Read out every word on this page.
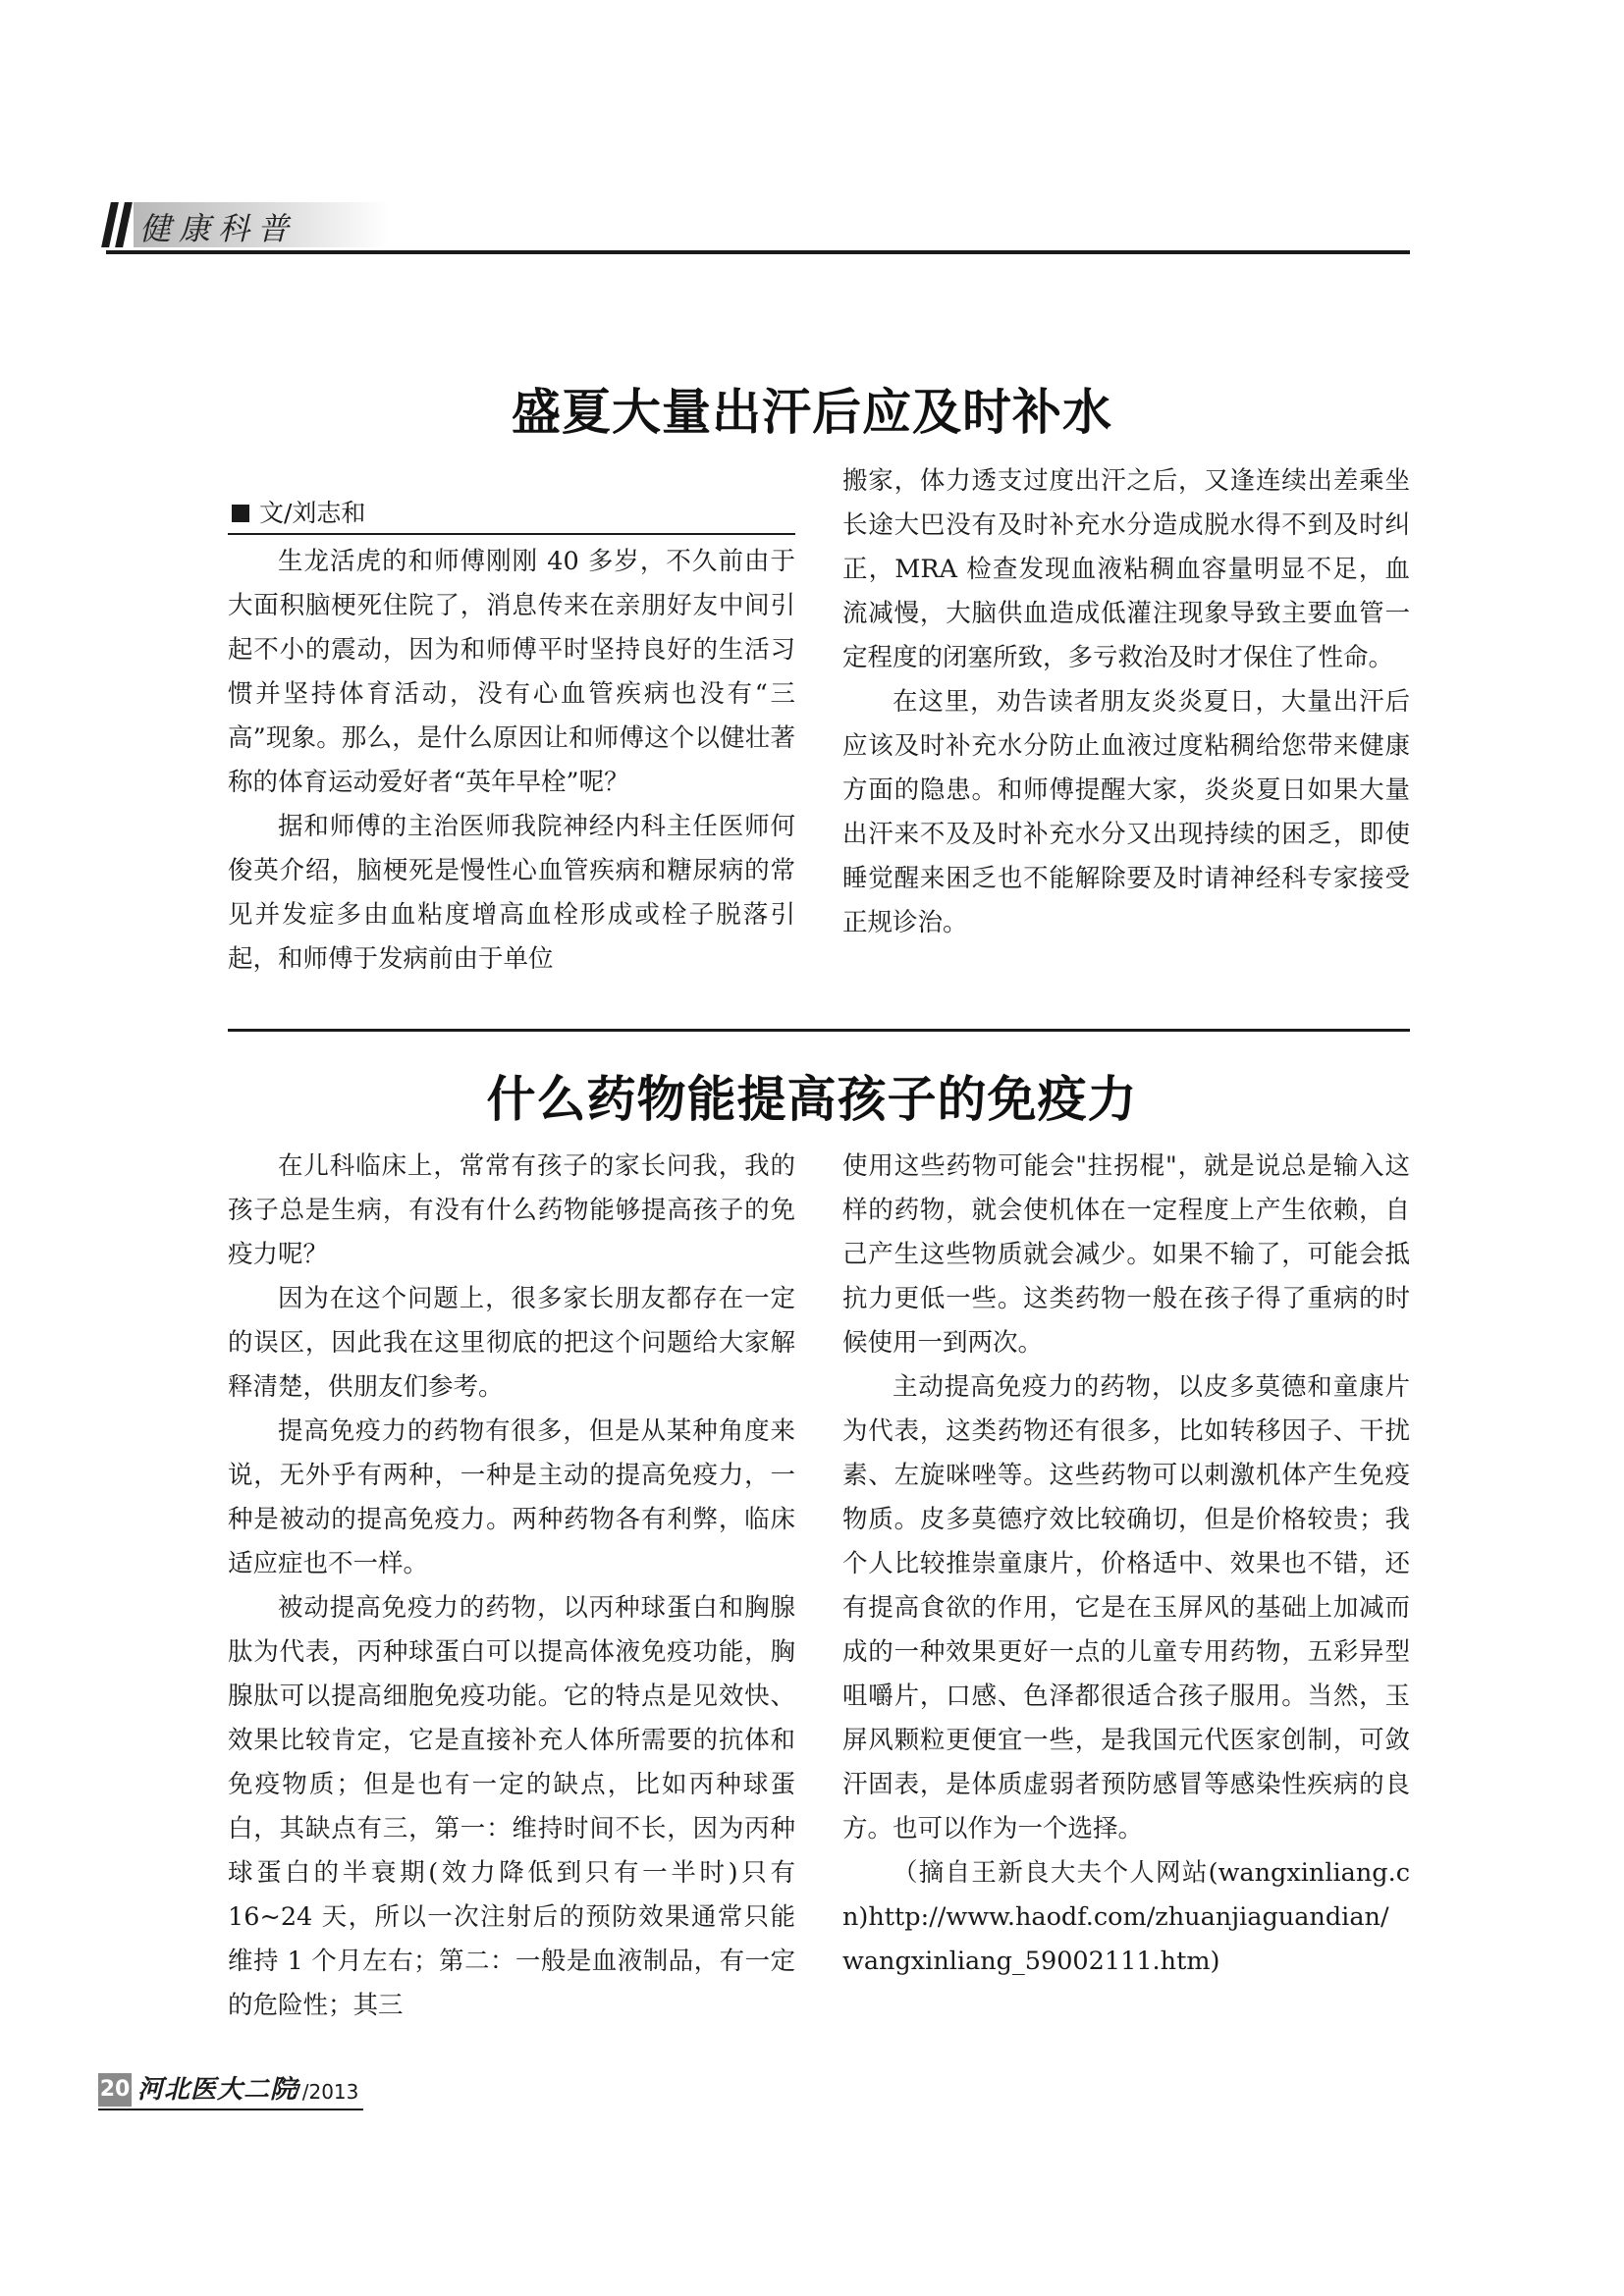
健康科普
盛夏大量出汗后应及时补水
文/刘志和

生龙活虎的和师傅刚刚 40 多岁，不久前由于大面积脑梗死住院了，消息传来在亲朋好友中间引起不小的震动，因为和师傅平时坚持良好的生活习惯并坚持体育活动，没有心血管疾病也没有“三高”现象。那么，是什么原因让和师傅这个以健壮著称的体育运动爱好者“英年早栓”呢？

据和师傅的主治医师我院神经内科主任医师何俊英介绍，脑梗死是慢性心血管疾病和糖尿病的常见并发症多由血粘度增高血栓形成或栓子脱落引起，和师傅于发病前由于单位

搬家，体力透支过度出汗之后，又逢连续出差乘坐长途大巴没有及时补充水分造成脱水得不到及时纠正，MRA 检查发现血液粘稠血容量明显不足，血流减慢，大脑供血造成低灌注现象导致主要血管一定程度的闭塞所致，多亏救治及时才保住了性命。

在这里，劝告读者朋友炎炎夏日，大量出汗后应该及时补充水分防止血液过度粘稠给您带来健康方面的隐患。和师傅提醒大家，炎炎夏日如果大量出汗来不及及时补充水分又出现持续的困乏，即使睡觉醒来困乏也不能解除要及时请神经科专家接受正规诊治。

什么药物能提高孩子的免疫力

在儿科临床上，常常有孩子的家长问我，我的孩子总是生病，有没有什么药物能够提高孩子的免疫力呢？

因为在这个问题上，很多家长朋友都存在一定的误区，因此我在这里彻底的把这个问题给大家解释清楚，供朋友们参考。

提高免疫力的药物有很多，但是从某种角度来说，无外乎有两种，一种是主动的提高免疫力，一种是被动的提高免疫力。两种药物各有利弊，临床适应症也不一样。

被动提高免疫力的药物，以丙种球蛋白和胸腺肽为代表，丙种球蛋白可以提高体液免疫功能，胸腺肽可以提高细胞免疫功能。它的特点是见效快、效果比较肯定，它是直接补充人体所需要的抗体和免疫物质；但是也有一定的缺点，比如丙种球蛋白，其缺点有三，第一：维持时间不长，因为丙种球蛋白的半衰期(效力降低到只有一半时)只有 16~24 天，所以一次注射后的预防效果通常只能维持 1 个月左右；第二：一般是血液制品，有一定的危险性；其三

使用这些药物可能会"拄拐棍"，就是说总是输入这样的药物，就会使机体在一定程度上产生依赖，自己产生这些物质就会减少。如果不输了，可能会抵抗力更低一些。这类药物一般在孩子得了重病的时候使用一到两次。

主动提高免疫力的药物，以皮多莫德和童康片为代表，这类药物还有很多，比如转移因子、干扰素、左旋咪唑等。这些药物可以刺激机体产生免疫物质。皮多莫德疗效比较确切，但是价格较贵；我个人比较推崇童康片，价格适中、效果也不错，还有提高食欲的作用，它是在玉屏风的基础上加减而成的一种效果更好一点的儿童专用药物，五彩异型咀嚼片，口感、色泽都很适合孩子服用。当然，玉屏风颗粒更便宜一些，是我国元代医家创制，可敛汗固表，是体质虚弱者预防感冒等感染性疾病的良方。也可以作为一个选择。

（摘自王新良大夫个人网站(wangxinliang.cn)http://www.haodf.com/zhuanjiaguandian/wangxinliang_59002111.htm)

20 河北医大二院
7/2013
